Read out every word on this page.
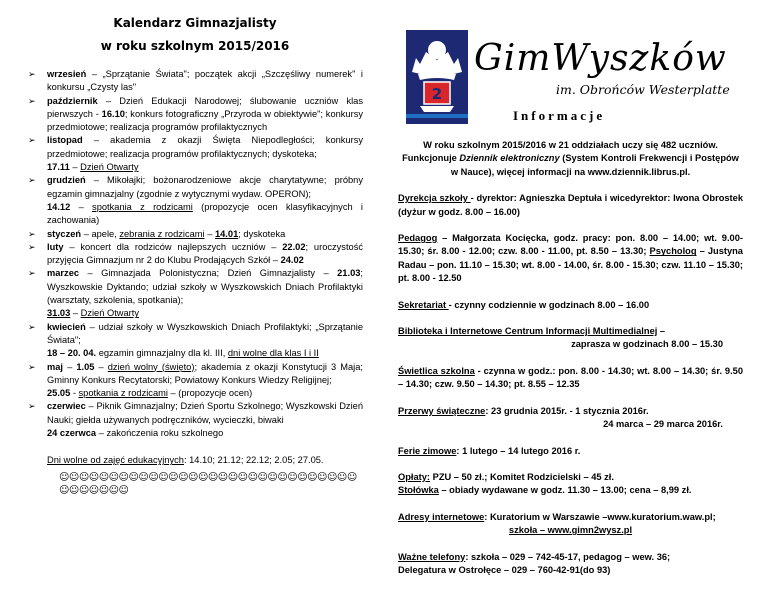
Kalendarz Gimnazjalisty
w roku szkolnym 2015/2016
➢ wrzesień – „Sprzątanie Świata"; początek akcji „Szczęśliwy numerek" i konkursu „Czysty las"
➢ październik – Dzień Edukacji Narodowej; ślubowanie uczniów klas pierwszych - 16.10; konkurs fotograficzny „Przyroda w obiektywie"; konkursy przedmiotowe; realizacja programów profilaktycznych
➢ listopad – akademia z okazji Święta Niepodległości; konkursy przedmiotowe; realizacja programów profilaktycznych; dyskoteka;
17.11 – Dzień Otwarty
➢ grudzień – Mikołajki; bożonarodzeniowe akcje charytatywne; próbny egzamin gimnazjalny (zgodnie z wytycznymi wydaw. OPERON);
14.12 – spotkania z rodzicami (propozycje ocen klasyfikacyjnych i zachowania)
➢ styczeń – apele, zebrania z rodzicami – 14.01; dyskoteka
➢ luty – koncert dla rodziców najlepszych uczniów – 22.02; uroczystość przyjęcia Gimnazjum nr 2 do Klubu Prodających Szkół – 24.02
➢ marzec – Gimnazjada Polonistyczna; Dzień Gimnazjalisty – 21.03; Wyszkowskie Dyktando; udział szkoły w Wyszkowskich Dniach Profilaktyki (warsztaty, szkolenia, spotkania);
31.03 – Dzień Otwarty
➢ kwiecień – udział szkoły w Wyszkowskich Dniach Profilaktyki; „Sprzątanie Świata";
18 – 20. 04. egzamin gimnazjalny dla kl. III, dni wolne dla klas I i II
➢ maj – 1.05 – dzień wolny (święto); akademia z okazji Konstytucji 3 Maja; Gminny Konkurs Recytatorski; Powiatowy Konkurs Wiedzy Religijnej;
25.05 - spotkania z rodzicami – (propozycje ocen)
➢ czerwiec – Piknik Gimnazjalny; Dzień Sportu Szkolnego; Wyszkowski Dzień Nauki; giełda używanych podręczników, wycieczki, biwaki
24 czerwca – zakończenia roku szkolnego
Dni wolne od zajęć edukacyjnych: 14.10; 21.12; 22.12; 2.05; 27.05.
☺☺☺☺☺☺☺☺☺☺☺☺☺☺☺☺☺☺☺☺☺☺☺☺☺☺☺☺☺☺☺☺☺☺☺☺☺
2
GimWyszków
im. Obrońców Westerplatte
Informacje

W roku szkolnym 2015/2016 w 21 oddziałach uczy się 482 uczniów. Funkcjonuje Dziennik elektroniczny (System Kontroli Frekwencji i Postępów w Nauce), więcej informacji na www.dziennik.librus.pl.

Dyrekcja szkoły - dyrektor: Agnieszka Deptuła i wicedyrektor: Iwona Obrostek (dyżur w godz. 8.00 – 16.00)

Pedagog – Małgorzata Kocięcka, godz. pracy: pon. 8.00 – 14.00; wt. 9.00- 15.30; śr. 8.00 - 12.00; czw. 8.00 - 11.00, pt. 8.50 – 13.30; Psycholog – Justyna Radau – pon. 11.10 – 15.30; wt. 8.00 - 14.00, śr. 8.00 - 15.30; czw. 11.10 – 15.30; pt. 8.00 - 12.50

Sekretariat - czynny codziennie w godzinach 8.00 – 16.00

Biblioteka i Internetowe Centrum Informacji Multimedialnej –

zaprasza w godzinach 8.00 – 15.30

Świetlica szkolna - czynna w godz.: pon. 8.00 - 14.30; wt. 8.00 – 14.30; śr. 9.50 – 14.30; czw. 9.50 – 14.30; pt. 8.55 – 12.35

Przerwy świąteczne: 23 grudnia 2015r. - 1 stycznia 2016r.

24 marca – 29 marca 2016r.

Ferie zimowe: 1 lutego – 14 lutego 2016 r.

Opłaty: PZU – 50 zł.; Komitet Rodzicielski – 45 zł.
Stołówka – obiady wydawane w godz. 11.30 – 13.00; cena – 8,99 zł.

Adresy internetowe: Kuratorium w Warszawie –www.kuratorium.waw.pl;

szkoła – www.gimn2wysz.pl

Ważne telefony: szkoła – 029 – 742-45-17, pedagog – wew. 36;
Delegatura w Ostrołęce – 029 – 760-42-91(do 93)
